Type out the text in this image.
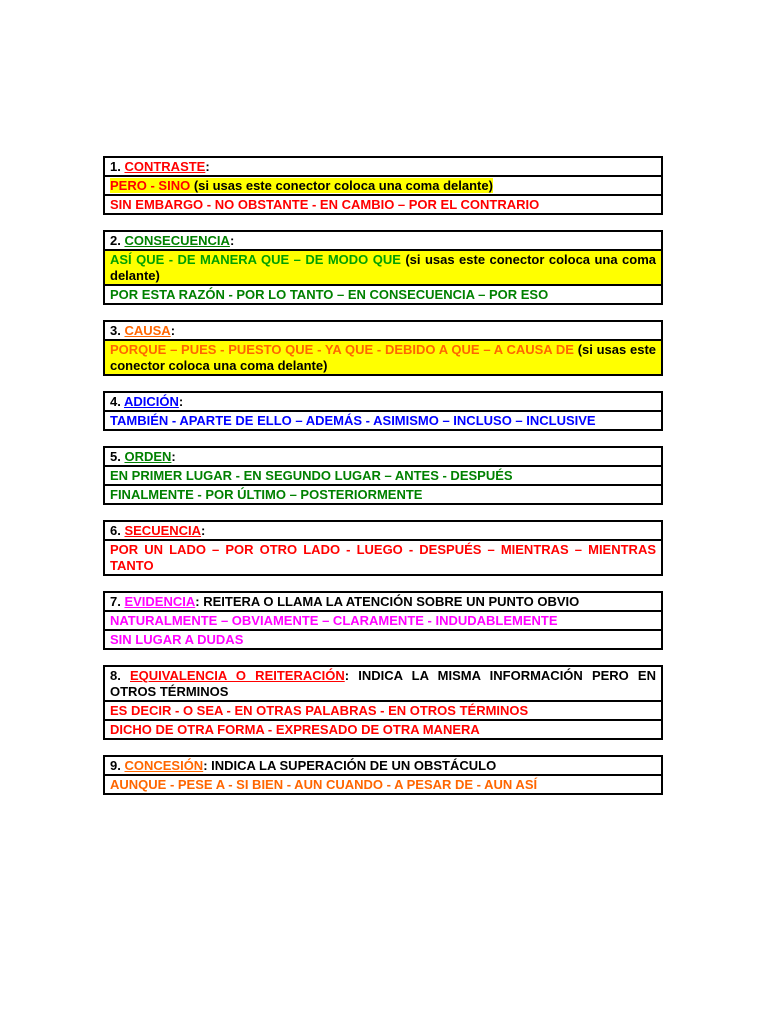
1. CONTRASTE:
PERO - SINO (si usas este conector coloca una coma delante)
SIN EMBARGO - NO OBSTANTE - EN CAMBIO – POR EL CONTRARIO
2. CONSECUENCIA:
ASÍ QUE - DE MANERA QUE – DE MODO QUE (si usas este conector coloca una coma delante)
POR ESTA RAZÓN - POR LO TANTO – EN CONSECUENCIA – POR ESO
3. CAUSA:
PORQUE – PUES - PUESTO QUE - YA QUE - DEBIDO A QUE – A CAUSA DE (si usas este conector coloca una coma delante)
4. ADICIÓN:
TAMBIÉN - APARTE DE ELLO – ADEMÁS - ASIMISMO – INCLUSO – INCLUSIVE
5. ORDEN:
EN PRIMER LUGAR - EN SEGUNDO LUGAR – ANTES - DESPUÉS
FINALMENTE - POR ÚLTIMO – POSTERIORMENTE
6. SECUENCIA:
POR UN LADO – POR OTRO LADO - LUEGO - DESPUÉS – MIENTRAS – MIENTRAS TANTO
7. EVIDENCIA: REITERA O LLAMA LA ATENCIÓN SOBRE UN PUNTO OBVIO
NATURALMENTE – OBVIAMENTE – CLARAMENTE - INDUDABLEMENTE
SIN LUGAR A DUDAS
8. EQUIVALENCIA O REITERACIÓN: INDICA LA MISMA INFORMACIÓN PERO EN OTROS TÉRMINOS
ES DECIR - O SEA - EN OTRAS PALABRAS - EN OTROS TÉRMINOS
DICHO DE OTRA FORMA - EXPRESADO DE OTRA MANERA
9. CONCESIÓN: INDICA LA SUPERACIÓN DE UN OBSTÁCULO
AUNQUE - PESE A - SI BIEN - AUN CUANDO - A PESAR DE - AUN ASÍ
